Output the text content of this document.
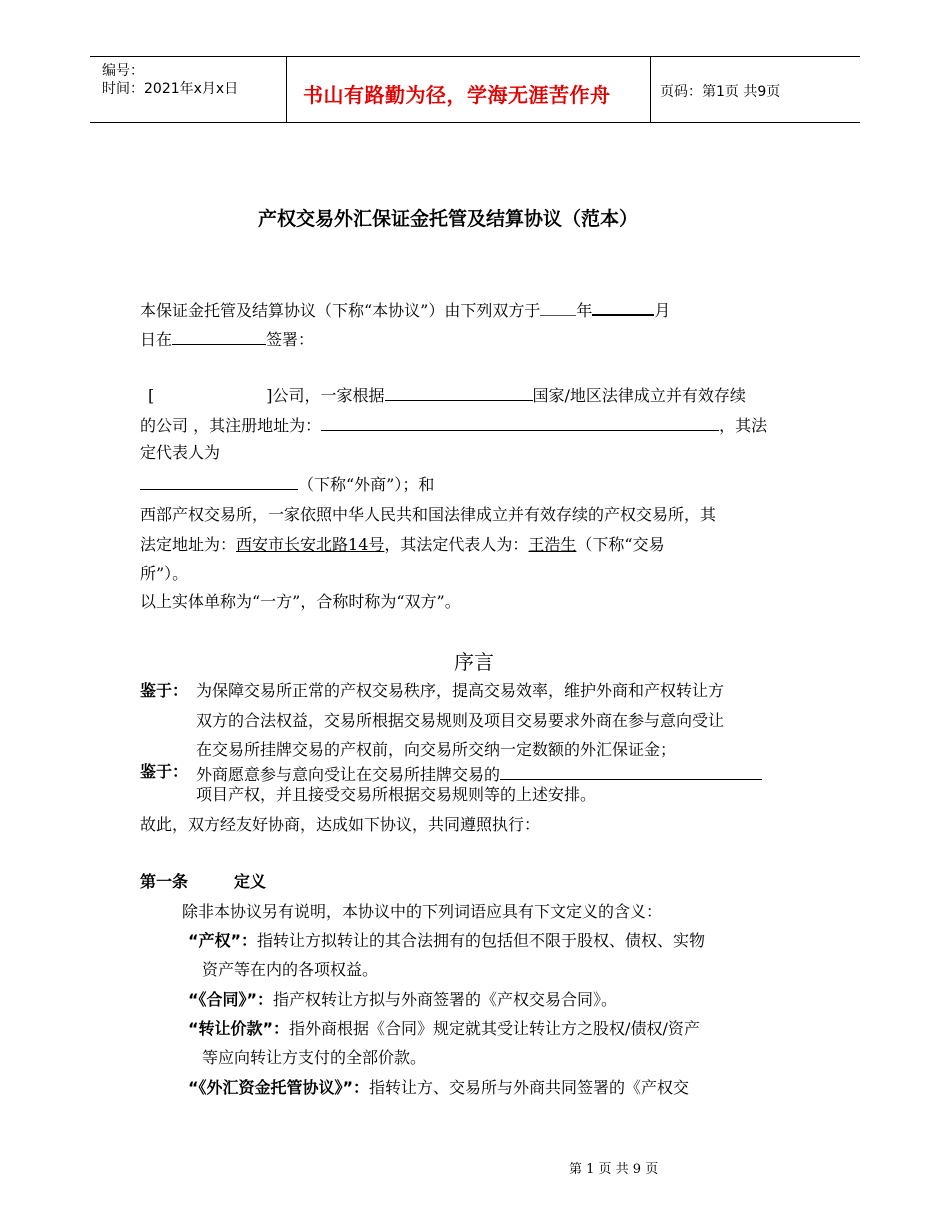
编号：
时间：2021年x月x日	书山有路勤为径，学海无涯苦作舟	页码：第1页 共9页
产权交易外汇保证金托管及结算协议（范本）
本保证金托管及结算协议（下称“本协议”）由下列双方于 年	月
日在	签署：
[	]公司，一家根据	国家/地区法律成立并有效存续
的公司 ，其注册地址为：	，其法
定代表人为
（下称“外商”）；和
西部产权交易所，一家依照中华人民共和国法律成立并有效存续的产权交易所，其
法定地址为：西安市长安北路14号，其法定代表人为：王浩生（下称“交易
所”）。
以上实体单称为“一方”，合称时称为“双方”。
序言
鉴于： 为保障交易所正常的产权交易秩序，提高交易效率，维护外商和产权转让方
双方的合法权益，交易所根据交易规则及项目交易要求外商在参与意向受让
在交易所挂牌交易的产权前，向交易所交纳一定数额的外汇保证金；
鉴于： 外商愿意参与意向受让在交易所挂牌交易的
项目产权，并且接受交易所根据交易规则等的上述安排。
故此，双方经友好协商，达成如下协议，共同遵照执行：
第一条	定义
除非本协议另有说明，本协议中的下列词语应具有下文定义的含义：
“产权”：指转让方拟转让的其合法拥有的包括但不限于股权、债权、实物
资产等在内的各项权益。
“《合同》”：指产权转让方拟与外商签署的《产权交易合同》。
“转让价款”：指外商根据《合同》规定就其受让转让方之股权/债权/资产
等应向转让方支付的全部价款。
“《外汇资金托管协议》”：指转让方、交易所与外商共同签署的《产权交
第 1 页 共 9 页
